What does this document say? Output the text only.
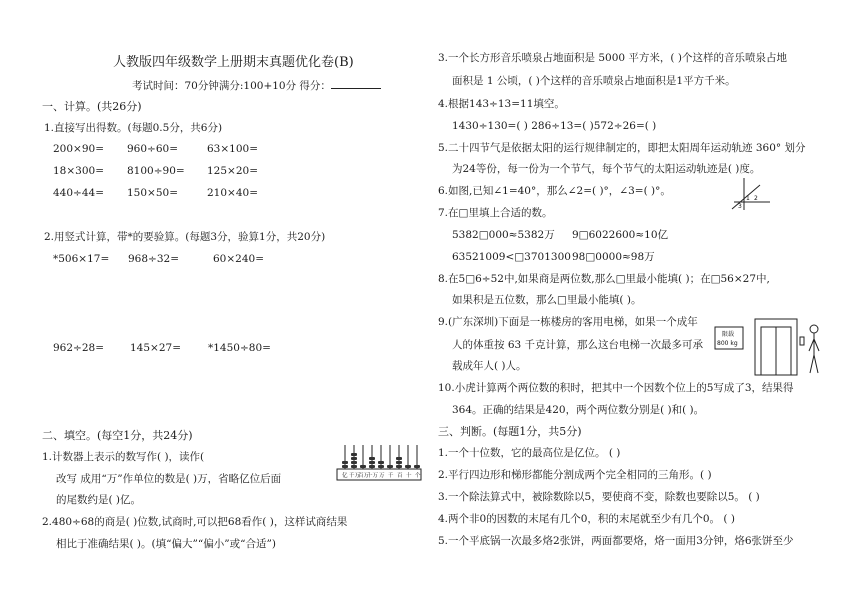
人教版四年级数学上册期末真题优化卷(B)
考试时间：70分钟满分:100+10分 得分：
一、计算。(共26分)
1.直接写出得数。(每题0.5分，共6分)
200×90= 960÷60=	63×100=
18×300= 8100÷90= 125×20=
440÷44= 150×50=	210×40=
2.用竖式计算，带*的要验算。(每题3分，验算1分，共20分)
*506×17= 968÷32=	60×240=
962÷28= 145×27=	*1450÷80=
二、填空。(每空1分，共24分)
1.计数器上表示的数写作( )，读作(
改写 成用“万”作单位的数是( )万，省略亿位后面
的尾数约是( )亿。
亿 千万
百万
十万 万 千 百 十 个
2.480÷68的商是( )位数,试商时,可以把68看作( )，这样试商结果
相比于准确结果( )。(填“偏大”“偏小”或“合适”)
3.一个长方形音乐喷泉占地面积是 5000 平方米，( )个这样的音乐喷泉占地
面积是 1 公顷，( )个这样的音乐喷泉占地面积是1平方千米。
4.根据143÷13=11填空。
1430÷130=( ) 286÷13=( )572÷26=( )
5.二十四节气是依据太阳的运行规律制定的，即把太阳周年运动轨迹 360° 划分
为24等份，每一份为一个节气，每个节气的太阳运动轨迹是( )度。
6.如图,已知∠1=40°，那么∠2=( )°，∠3=( )°。
1 2
3
7.在□里填上合适的数。
5382□000≈5382万 9□6022600≈10亿
63521009<□3701300 98□0000≈98万
8.在5□6÷52中,如果商是两位数,那么□里最小能填( )；在□56×27中,
如果积是五位数，那么□里最小能填( )。
9.(广东深圳)下面是一栋楼房的客用电梯，如果一个成年
人的体重按 63 千克计算，那么这台电梯一次最多可承
载成年人( )人。
限载
800 kg
10.小虎计算两个两位数的积时，把其中一个因数个位上的5写成了3，结果得
364。正确的结果是420，两个两位数分别是( )和( )。
三、判断。(每题1分，共5分)
1.一个十位数，它的最高位是亿位。 ( )
2.平行四边形和梯形都能分割成两个完全相同的三角形。( )
3.一个除法算式中，被除数除以5，要使商不变，除数也要除以5。 ( )
4.两个非0的因数的末尾有几个0，积的末尾就至少有几个0。 ( )
5.一个平底锅一次最多烙2张饼，两面都要烙，烙一面用3分钟，烙6张饼至少
